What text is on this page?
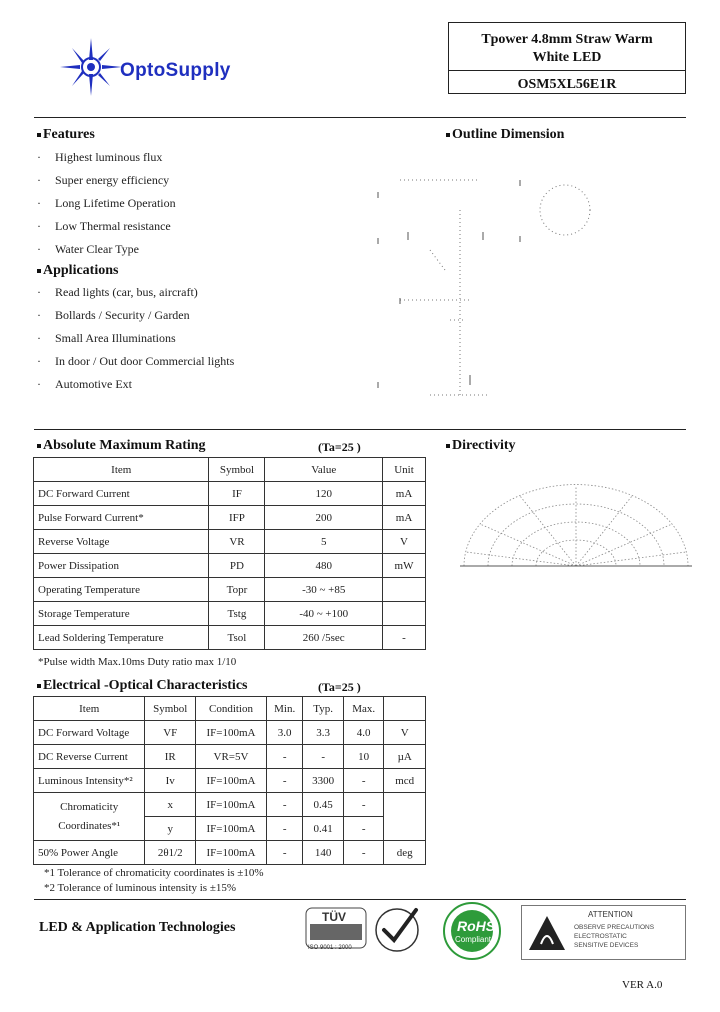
OptoSupply
Tpower 4.8mm Straw Warm White LED
OSM5XL56E1R
Features
· Highest luminous flux
· Super energy efficiency
· Long Lifetime Operation
· Low Thermal resistance
· Water Clear Type
Applications
· Read lights (car, bus, aircraft)
· Bollards / Security / Garden
· Small Area Illuminations
· In door / Out door Commercial lights
· Automotive Ext
Outline Dimension
Absolute Maximum Rating	(Ta=25 )
Item	Symbol	Value	Unit
DC Forward Current	IF	120	mA
Pulse Forward Current*	IFP	200	mA
Reverse Voltage	VR	5	V
Power Dissipation	PD	480	mW
Operating Temperature	Topr	-30 ~ +85	
Storage Temperature	Tstg	-40 ~ +100	
Lead Soldering Temperature	Tsol	260 /5sec	-
*Pulse width Max.10ms Duty ratio max 1/10
Directivity
Electrical -Optical Characteristics	(Ta=25 )
Item	Symbol	Condition	Min.	Typ.	Max.	
DC Forward Voltage	VF	IF=100mA	3.0	3.3	4.0	V
DC Reverse Current	IR	VR=5V	-	-	10	µA
Luminous Intensity*²	Iv	IF=100mA	-	3300	-	mcd

Chromaticity
Coordinates*¹	x	IF=100mA	-	0.45	-	
	y	IF=100mA	-	0.41	-	
50% Power Angle	2θ1/2	IF=100mA	-	140	-	deg
*1 Tolerance of chromaticity coordinates is ±10%
*2 Tolerance of luminous intensity is ±15%
LED & Application Technologies
TÜV
ISO 9001 : 2000
RoHS
Compliant
ATTENTION
OBSERVE PRECAUTIONS
ELECTROSTATIC
SENSITIVE DEVICES
VER A.0
